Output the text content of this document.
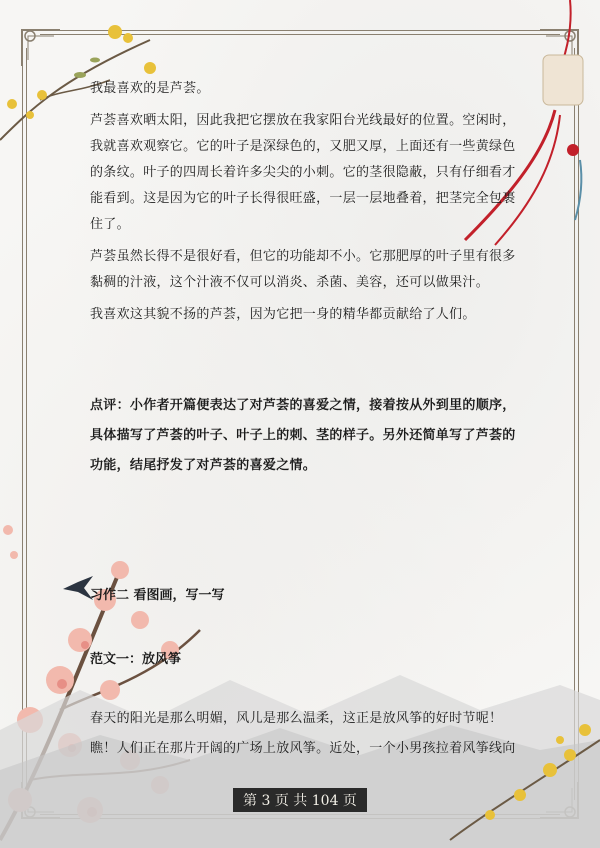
我最喜欢的是芦荟。

芦荟喜欢晒太阳，因此我把它摆放在我家阳台光线最好的位置。空闲时，

我就喜欢观察它。它的叶子是深绿色的，又肥又厚，上面还有一些黄绿色

的条纹。叶子的四周长着许多尖尖的小刺。它的茎很隐蔽，只有仔细看才

能看到。这是因为它的叶子长得很旺盛，一层一层地叠着，把茎完全包裹

住了。

芦荟虽然长得不是很好看，但它的功能却不小。它那肥厚的叶子里有很多

黏稠的汁液，这个汁液不仅可以消炎、杀菌、美容，还可以做果汁。

我喜欢这其貌不扬的芦荟，因为它把一身的精华都贡献给了人们。

点评：小作者开篇便表达了对芦荟的喜爱之情，接着按从外到里的顺序，

具体描写了芦荟的叶子、叶子上的刺、茎的样子。另外还简单写了芦荟的

功能，结尾抒发了对芦荟的喜爱之情。

习作二 看图画，写一写
范文一：放风筝

春天的阳光是那么明媚，风儿是那么温柔，这正是放风筝的好时节呢！

瞧！人们正在那片开阔的广场上放风筝。近处，一个小男孩拉着风筝线向

第 3 页 共 104 页
